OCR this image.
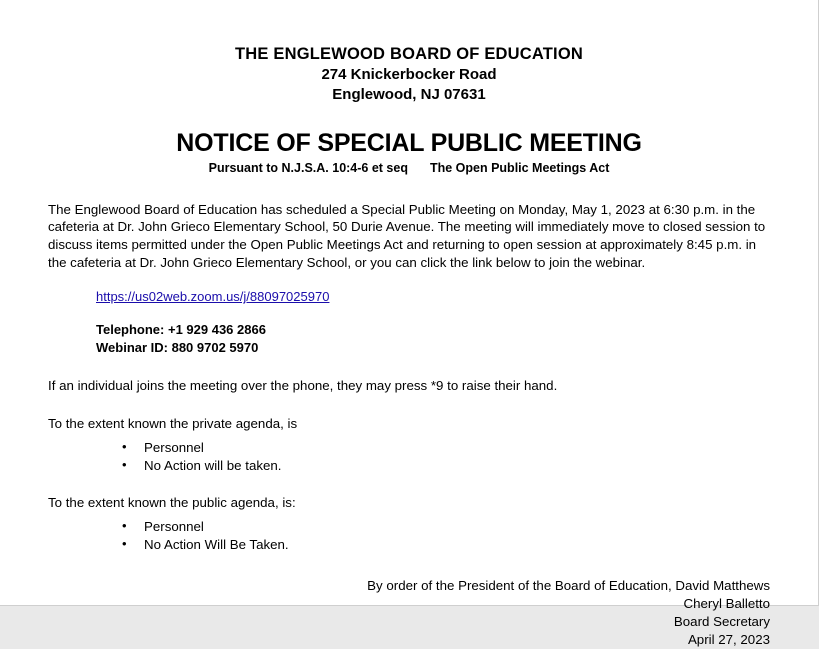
THE ENGLEWOOD BOARD OF EDUCATION
274 Knickerbocker Road
Englewood, NJ 07631
NOTICE OF SPECIAL PUBLIC MEETING
Pursuant to N.J.S.A. 10:4-6 et seq The Open Public Meetings Act
The Englewood Board of Education has scheduled a Special Public Meeting on Monday, May 1, 2023 at 6:30 p.m. in the cafeteria at Dr. John Grieco Elementary School, 50 Durie Avenue. The meeting will immediately move to closed session to discuss items permitted under the Open Public Meetings Act and returning to open session at approximately 8:45 p.m. in the cafeteria at Dr. John Grieco Elementary School, or you can click the link below to join the webinar.
https://us02web.zoom.us/j/88097025970
Telephone: +1 929 436 2866
Webinar ID: 880 9702 5970
If an individual joins the meeting over the phone, they may press *9 to raise their hand.
To the extent known the private agenda, is
• Personnel
• No Action will be taken.
To the extent known the public agenda, is:
• Personnel
• No Action Will Be Taken.
By order of the President of the Board of Education, David Matthews
Cheryl Balletto
Board Secretary
April 27, 2023
